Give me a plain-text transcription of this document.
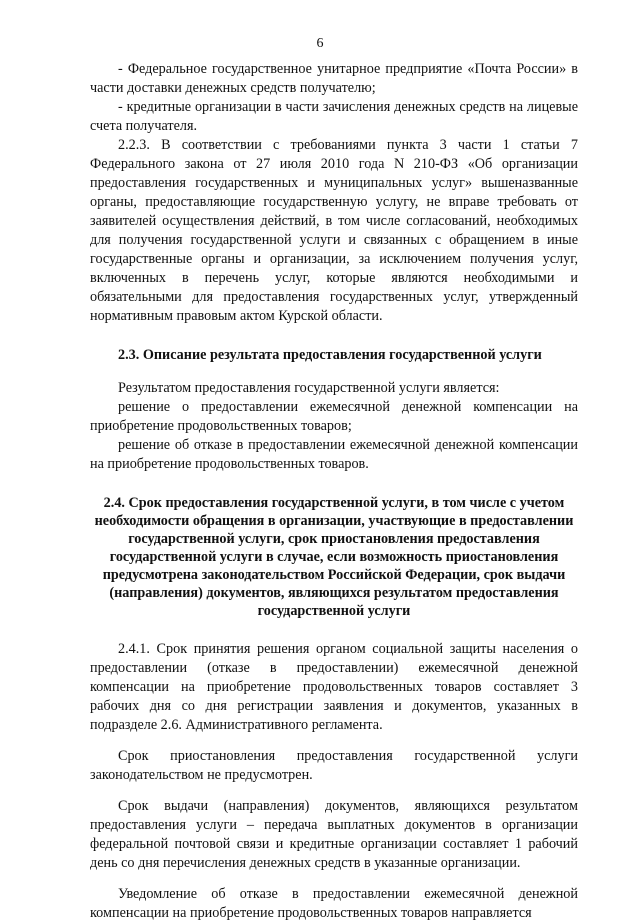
6

- Федеральное государственное унитарное предприятие «Почта России» в части доставки денежных средств получателю;

- кредитные организации в части зачисления денежных средств на лицевые счета получателя.

2.2.3. В соответствии с требованиями пункта 3 части 1 статьи 7 Федерального закона от 27 июля 2010 года N 210-ФЗ «Об организации предоставления государственных и муниципальных услуг» вышеназванные органы, предоставляющие государственную услугу, не вправе требовать от заявителей осуществления действий, в том числе согласований, необходимых для получения государственной услуги и связанных с обращением в иные государственные органы и организации, за исключением получения услуг, включенных в перечень услуг, которые являются необходимыми и обязательными для предоставления государственных услуг, утвержденный нормативным правовым актом Курской области.

2.3. Описание результата предоставления государственной услуги

Результатом предоставления государственной услуги является:

решение о предоставлении ежемесячной денежной компенсации на приобретение продовольственных товаров;

решение об отказе в предоставлении ежемесячной денежной компенсации на приобретение продовольственных товаров.

2.4. Срок предоставления государственной услуги, в том числе с учетом необходимости обращения в организации, участвующие в предоставлении государственной услуги, срок приостановления предоставления государственной услуги в случае, если возможность приостановления предусмотрена законодательством Российской Федерации, срок выдачи (направления) документов, являющихся результатом предоставления государственной услуги

2.4.1. Срок принятия решения органом социальной защиты населения о предоставлении (отказе в предоставлении) ежемесячной денежной компенсации на приобретение продовольственных товаров составляет 3 рабочих дня со дня регистрации заявления и документов, указанных в подразделе 2.6. Административного регламента.

Срок приостановления предоставления государственной услуги законодательством не предусмотрен.

Срок выдачи (направления) документов, являющихся результатом предоставления услуги – передача выплатных документов в организации федеральной почтовой связи и кредитные организации составляет 1 рабочий день со дня перечисления денежных средств в указанные организации.

Уведомление об отказе в предоставлении ежемесячной денежной компенсации на приобретение продовольственных товаров направляется
